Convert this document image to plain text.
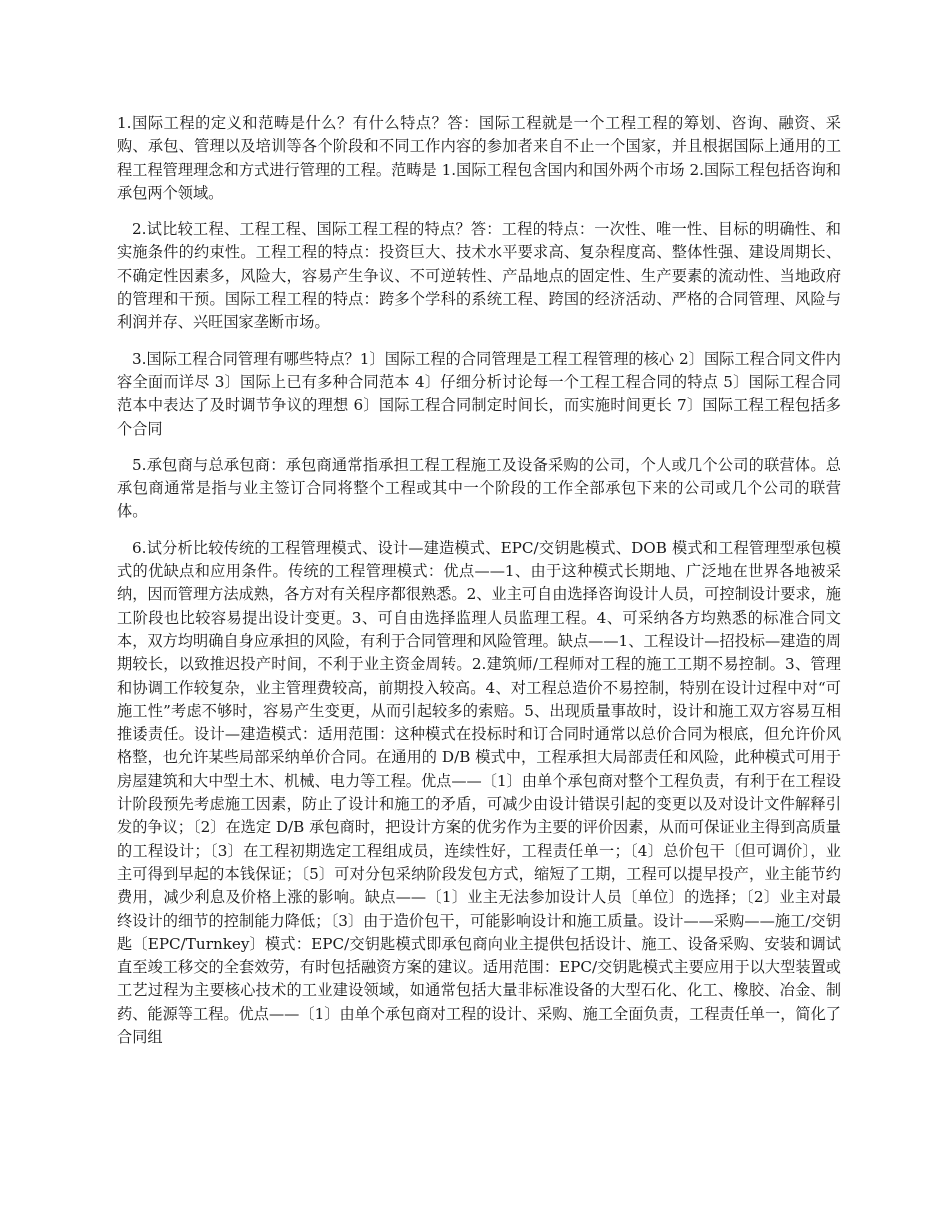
1.国际工程的定义和范畴是什么？有什么特点？答：国际工程就是一个工程工程的筹划、咨询、融资、采购、承包、管理以及培训等各个阶段和不同工作内容的参加者来自不止一个国家，并且根据国际上通用的工程工程管理理念和方式进行管理的工程。范畴是 1.国际工程包含国内和国外两个市场 2.国际工程包括咨询和承包两个领域。

2.试比较工程、工程工程、国际工程工程的特点？答：工程的特点：一次性、唯一性、目标的明确性、和实施条件的约束性。工程工程的特点：投资巨大、技术水平要求高、复杂程度高、整体性强、建设周期长、不确定性因素多，风险大，容易产生争议、不可逆转性、产品地点的固定性、生产要素的流动性、当地政府的管理和干预。国际工程工程的特点：跨多个学科的系统工程、跨国的经济活动、严格的合同管理、风险与利润并存、兴旺国家垄断市场。

3.国际工程合同管理有哪些特点？1〕国际工程的合同管理是工程工程管理的核心 2〕国际工程合同文件内容全面而详尽 3〕国际上已有多种合同范本 4〕仔细分析讨论每一个工程工程合同的特点 5〕国际工程合同范本中表达了及时调节争议的理想 6〕国际工程合同制定时间长，而实施时间更长 7〕国际工程工程包括多个合同

5.承包商与总承包商：承包商通常指承担工程工程施工及设备采购的公司，个人或几个公司的联营体。总承包商通常是指与业主签订合同将整个工程或其中一个阶段的工作全部承包下来的公司或几个公司的联营体。

6.试分析比较传统的工程管理模式、设计—建造模式、EPC/交钥匙模式、DOB 模式和工程管理型承包模式的优缺点和应用条件。传统的工程管理模式：优点——1、由于这种模式长期地、广泛地在世界各地被采纳，因而管理方法成熟，各方对有关程序都很熟悉。2、业主可自由选择咨询设计人员，可控制设计要求，施工阶段也比较容易提出设计变更。3、可自由选择监理人员监理工程。4、可采纳各方均熟悉的标准合同文本，双方均明确自身应承担的风险，有利于合同管理和风险管理。缺点——1、工程设计—招投标—建造的周期较长，以致推迟投产时间，不利于业主资金周转。2.建筑师/工程师对工程的施工工期不易控制。3、管理和协调工作较复杂，业主管理费较高，前期投入较高。4、对工程总造价不易控制，特别在设计过程中对“可施工性”考虑不够时，容易产生变更，从而引起较多的索赔。5、出现质量事故时，设计和施工双方容易互相推诿责任。设计—建造模式：适用范围：这种模式在投标时和订合同时通常以总价合同为根底，但允许价风格整，也允许某些局部采纳单价合同。在通用的 D/B 模式中，工程承担大局部责任和风险，此种模式可用于房屋建筑和大中型土木、机械、电力等工程。优点——〔1〕由单个承包商对整个工程负责，有利于在工程设计阶段预先考虑施工因素，防止了设计和施工的矛盾，可减少由设计错误引起的变更以及对设计文件解释引发的争议；〔2〕在选定 D/B 承包商时，把设计方案的优劣作为主要的评价因素，从而可保证业主得到高质量的工程设计；〔3〕在工程初期选定工程组成员，连续性好，工程责任单一；〔4〕总价包干〔但可调价〕，业主可得到早起的本钱保证；〔5〕可对分包采纳阶段发包方式，缩短了工期，工程可以提早投产，业主能节约费用，减少利息及价格上涨的影响。缺点——〔1〕业主无法参加设计人员〔单位〕的选择；〔2〕业主对最终设计的细节的控制能力降低；〔3〕由于造价包干，可能影响设计和施工质量。设计——采购——施工/交钥匙〔EPC/Turnkey〕模式：EPC/交钥匙模式即承包商向业主提供包括设计、施工、设备采购、安装和调试直至竣工移交的全套效劳，有时包括融资方案的建议。适用范围：EPC/交钥匙模式主要应用于以大型装置或工艺过程为主要核心技术的工业建设领域，如通常包括大量非标准设备的大型石化、化工、橡胶、冶金、制药、能源等工程。优点——〔1〕由单个承包商对工程的设计、采购、施工全面负责，工程责任单一，简化了合同组
